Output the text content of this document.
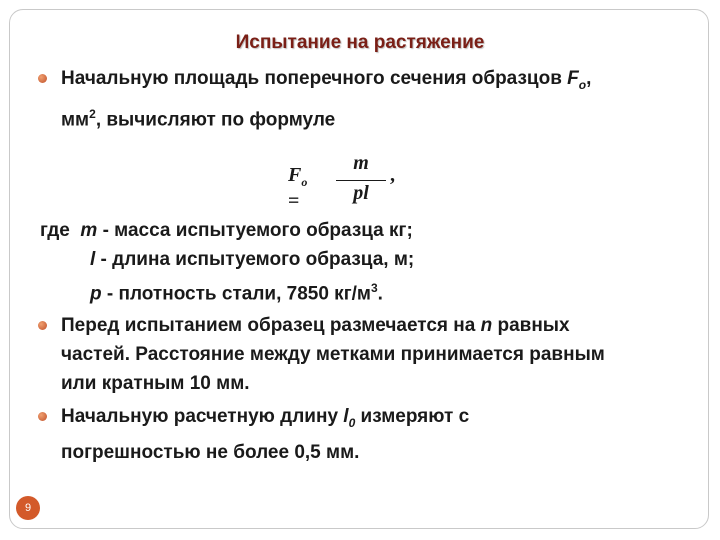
Испытание на растяжение
Начальную площадь поперечного сечения образцов $F_o$,
$мм^2$, вычисляют по формуле
$F_o$ =
m
pl
,
где m - масса испытуемого образца кг;
l - длина испытуемого образца, м;
p - плотность стали, 7850 $кг/м^3$.
Перед испытанием образец размечается на n равных
частей. Расстояние между метками принимается равным
или кратным 10 мм.
Начальную расчетную длину $l_0$ измеряют с
погрешностью не более 0,5 мм.
9
